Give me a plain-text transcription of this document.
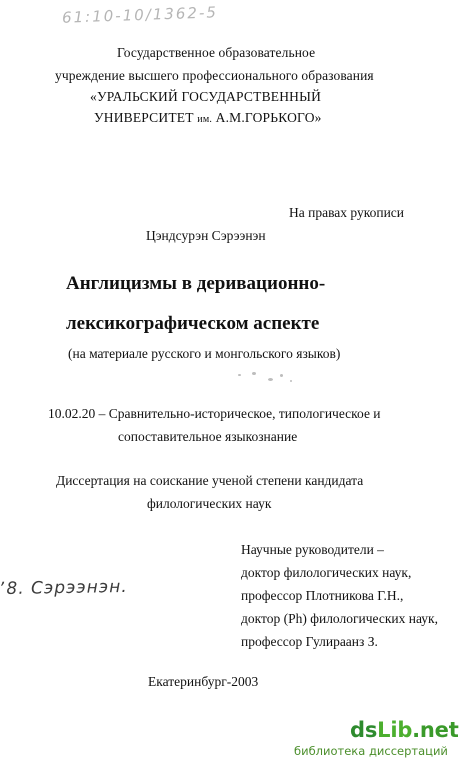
61:10-10/1362-5
Государственное образовательное
учреждение высшего профессионального образования
«УРАЛЬСКИЙ ГОСУДАРСТВЕННЫЙ
УНИВЕРСИТЕТ им. А.М.ГОРЬКОГО»
На правах рукописи
Цэндсурэн Сэрээнэн
Англицизмы в деривационно-
лексикографическом аспекте
(на материале русского и монгольского языков)
10.02.20 – Сравнительно-историческое, типологическое и
сопоставительное языкознание
Диссертация на соискание ученой степени кандидата
филологических наук
ʼ8. Сэрээнэн.
Научные руководители –
доктор филологических наук,
профессор Плотникова Г.Н.,
доктор (Ph) филологических наук,
профессор Гулираанз З.
Екатеринбург-2003
dsLib.net
библиотека диссертаций
